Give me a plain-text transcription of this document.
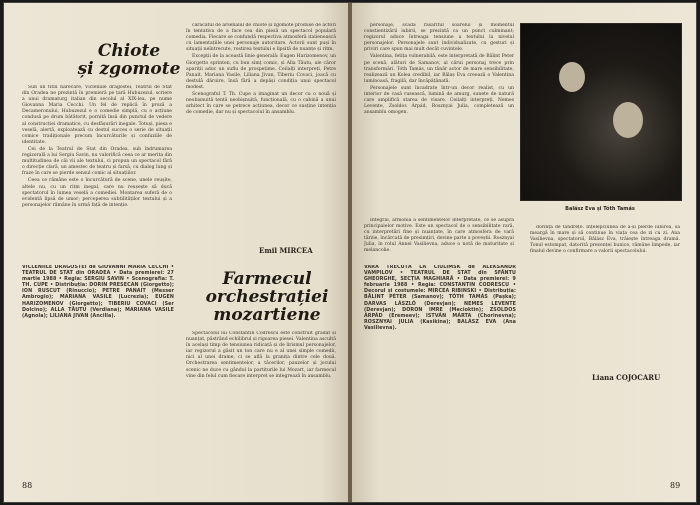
Chiote
și zgomote

Sub un titlu narecare, Vicleniile dragostei, Teatrul de Stat din Oradea ne prezintă în premieră pe țară Hubuzezul, scriere a unui dramaturg italian din secolul al XIX-lea, pe nume Giovanna Maria Cecchi. Un fel de replică în proză a Decameronului, Hubuzezul e o comedie simplă, cu o acțiune condusă pe drum bătătorit, pornită însă din punctul de vedere al construcției dramatice, cu desfășurări inegale. Totuși, piesa e veselă, alertă, exploatează cu destul succes o serie de situații comice tradiționale precum încurcăturile și confuziile de identitate.

Cei de la Teatrul de Stat din Oradea, sub îndrumarea regizorală a lui Sergiu Savin, nu valorifică ceea ce ar merita din multitudinea de căi vii ale textului, ci propun un spectacol fără o direcție clară, un amestec de teatru și farsă, cu dialog lung și fraze în care se pierde sensul comic al situațiilor.

Ceea ce rămâne este o încurcătură de scene, unele reușite, altele nu, cu un ritm inegal, care nu reușește să ducă spectatorul în lumea veselă a comediei. Montarea suferă de o evidentă lipsă de umor; perceperea subtilităților textului și a personajelor rămâne în urmă față de intenție.

caracatul de arsenalul de chiote și zgomote produse de actori în tentativa de a face cea din piesă un spectacol populară comedia. Fiecare se confundă respectiva atmosferă italienească cu lamentațiile unei personaje autoritare. Actorii sunt puși în situații neîntrecute, rostirea textului e lipsită de nuanțe și ritm.

Excepții de la această linie generală: Eugen Harizomenov, un Giorgetto sprinten, cu bun simț comic, și Alla Tăutu, ale căror apariții aduc un suflu de prospețime. Ceilalți interpreți, Petre Panait, Mariana Vasile, Liliana Jivan, Tiberiu Covaci, joacă cu destulă dăruire, însă fără a depăși condiția unui spectacol modest.

Scenograful T. Th. Cupe a imaginat un decor cu o nouă și neobișnuită tentă neobișnuită, funcțională, cu o cabină a unui arhitect în care se petrece acțiunea, decor ce susține intenția de comedie, dar nu și spectacolul în ansamblu.

Emil MIRCEA

VICLENIILE DRAGOSTEI de GIOVANNI MARIA CECCHI • TEATRUL DE STAT din ORADEA • Data premierei: 27 martie 1988 • Regia: SERGIU SAVIN • Scenografia: T. TH. CUPE • Distribuția: DORIN PRESECAN (Giorgetto); ION RUSCUT (Rinuccio); PETRE PANAIT (Messer Ambrogio); MARIANA VASILE (Lucrezia); EUGEN HARIZOMENOV (Giorgetto); TIBERIU COVACI (Ser Dolcino); ALLA TĂUTU (Verdiana); MARIANA VASILE (Agnola); LILIANA JIVAN (Ancilla).

Farmecul
orchestrației
mozartiene

Spectacolul lui Constantin Codrescu este construit gradat și nuanțat, păstrând echilibrul și rigoarea piesei. Valentina ascultă în același timp de tensiunea ridicată și de lirismul personajelor, iar regizorul a găsit un ton care nu e al unei simple comedii, nici al unei drame, ci se află la granița dintre cele două. Orchestrarea sentimentelor, a tăcerilor, pauzelor și jocului scenic ne duce cu gândul la partiturile lui Mozart, iar farmecul vine din felul cum fiecare interpret se integrează în ansamblu.

88

personaje, scadă răsăritul soarelui și momentul constientizării iubirii, se prezintă ca un punct culminant; regizorul aduce întreaga tensiune a textului la nivelul personajelor. Personajele sunt individualizate, cu gesturi și priviri care spun mai mult decât cuvintele.

Valentina, fetița vulnerabilă, este interpretată de Bălint Peter pe scenă, alături de Samanov, al cărui personaj trece prin transformări. Tóth Tamás, un tânăr actor de mare sensibilitate, realizează un Kolea credibil, iar Bălaș Eva creează o Valentina luminoasă, fragilă, dar încăpățânată.

Personajele sunt încadrate într-un decor realist, cu un interior de casă rusească, lumină de amurg, sunete de natură care amplifică starea de visare. Ceilalți interpreți, Nemes Levente, Zsoldos Árpád, Rosznyai Julia, completează un ansamblu omogen.

Balász Eva și Tóth Tamás

Integral, armonia a sentimentelor interpretate, ce se asupra principalelor motive. Este un spectacol de o sensibilitate rară, cu interpretări fine și nuanțate, în care atmosfera de vară târzie, încărcată de presimțiri, devine parte a poveștii. Rosznyai Julia, în rolul Annei Vasilievna, aduce o notă de maturitate și melancolie.

VARA TRECUTĂ LA CIULIMSK de ALEKSANDR VAMPILOV • TEATRUL DE STAT din SFÂNTU GHEORGHE, SECȚIA MAGHIARĂ • Data premierei: 9 februarie 1988 • Regia: CONSTANTIN CODRESCU • Decorul și costumele: MIRCEA RIBINSKI • Distribuția: BĂLINT PÉTER (Samanov); TÓTH TAMÁS (Pașka); DARVAS LÁSZLÓ (Derevjan); NEMES LEVENTE (Derevjan); DORON IMRE (Mecioktin); ZSOLDOS ÁRPÁD (Eremeev); ISTVÁN MÁRTA (Chorinevna); ROSZNYAI JULIA (Kasikina); BALÁSZ EVA (Ana Vasilievna).

dorință de tandrețe. Înțelepciunea de a-și pierde iubirea, să meargă în mare și să continue în viața cea de zi cu zi. Ana Vasilievna, spectatorul, Bălász Eva, trăiește întreaga dramă. Tonul estompat, datorită prezenței bunice, rămâne limpede, iar finalul devine o confirmare a valorii spectacolului.

Liana COJOCARU
89
